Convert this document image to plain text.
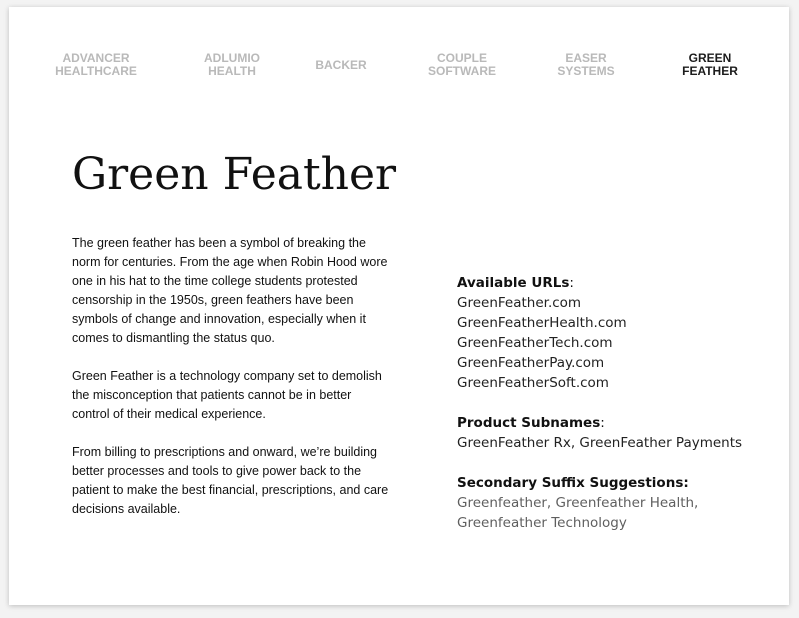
ADVANCER
HEALTHCARE
ADLUMIO
HEALTH	BACKER	COUPLE
SOFTWARE
EASER
SYSTEMS
GREEN
FEATHER
Green Feather

The green feather has been a symbol of breaking the norm for centuries. From the age when Robin Hood wore one in his hat to the time college students protested censorship in the 1950s, green feathers have been symbols of change and innovation, especially when it comes to dismantling the status quo.

Green Feather is a technology company set to demolish the misconception that patients cannot be in better control of their medical experience.

From billing to prescriptions and onward, we’re building better processes and tools to give power back to the patient to make the best financial, prescriptions, and care decisions available.

Available URLs:
GreenFeather.com
GreenFeatherHealth.com
GreenFeatherTech.com
GreenFeatherPay.com
GreenFeatherSoft.com
Product Subnames:
GreenFeather Rx, GreenFeather Payments
Secondary Suffix Suggestions:
Greenfeather, Greenfeather Health,
Greenfeather Technology
